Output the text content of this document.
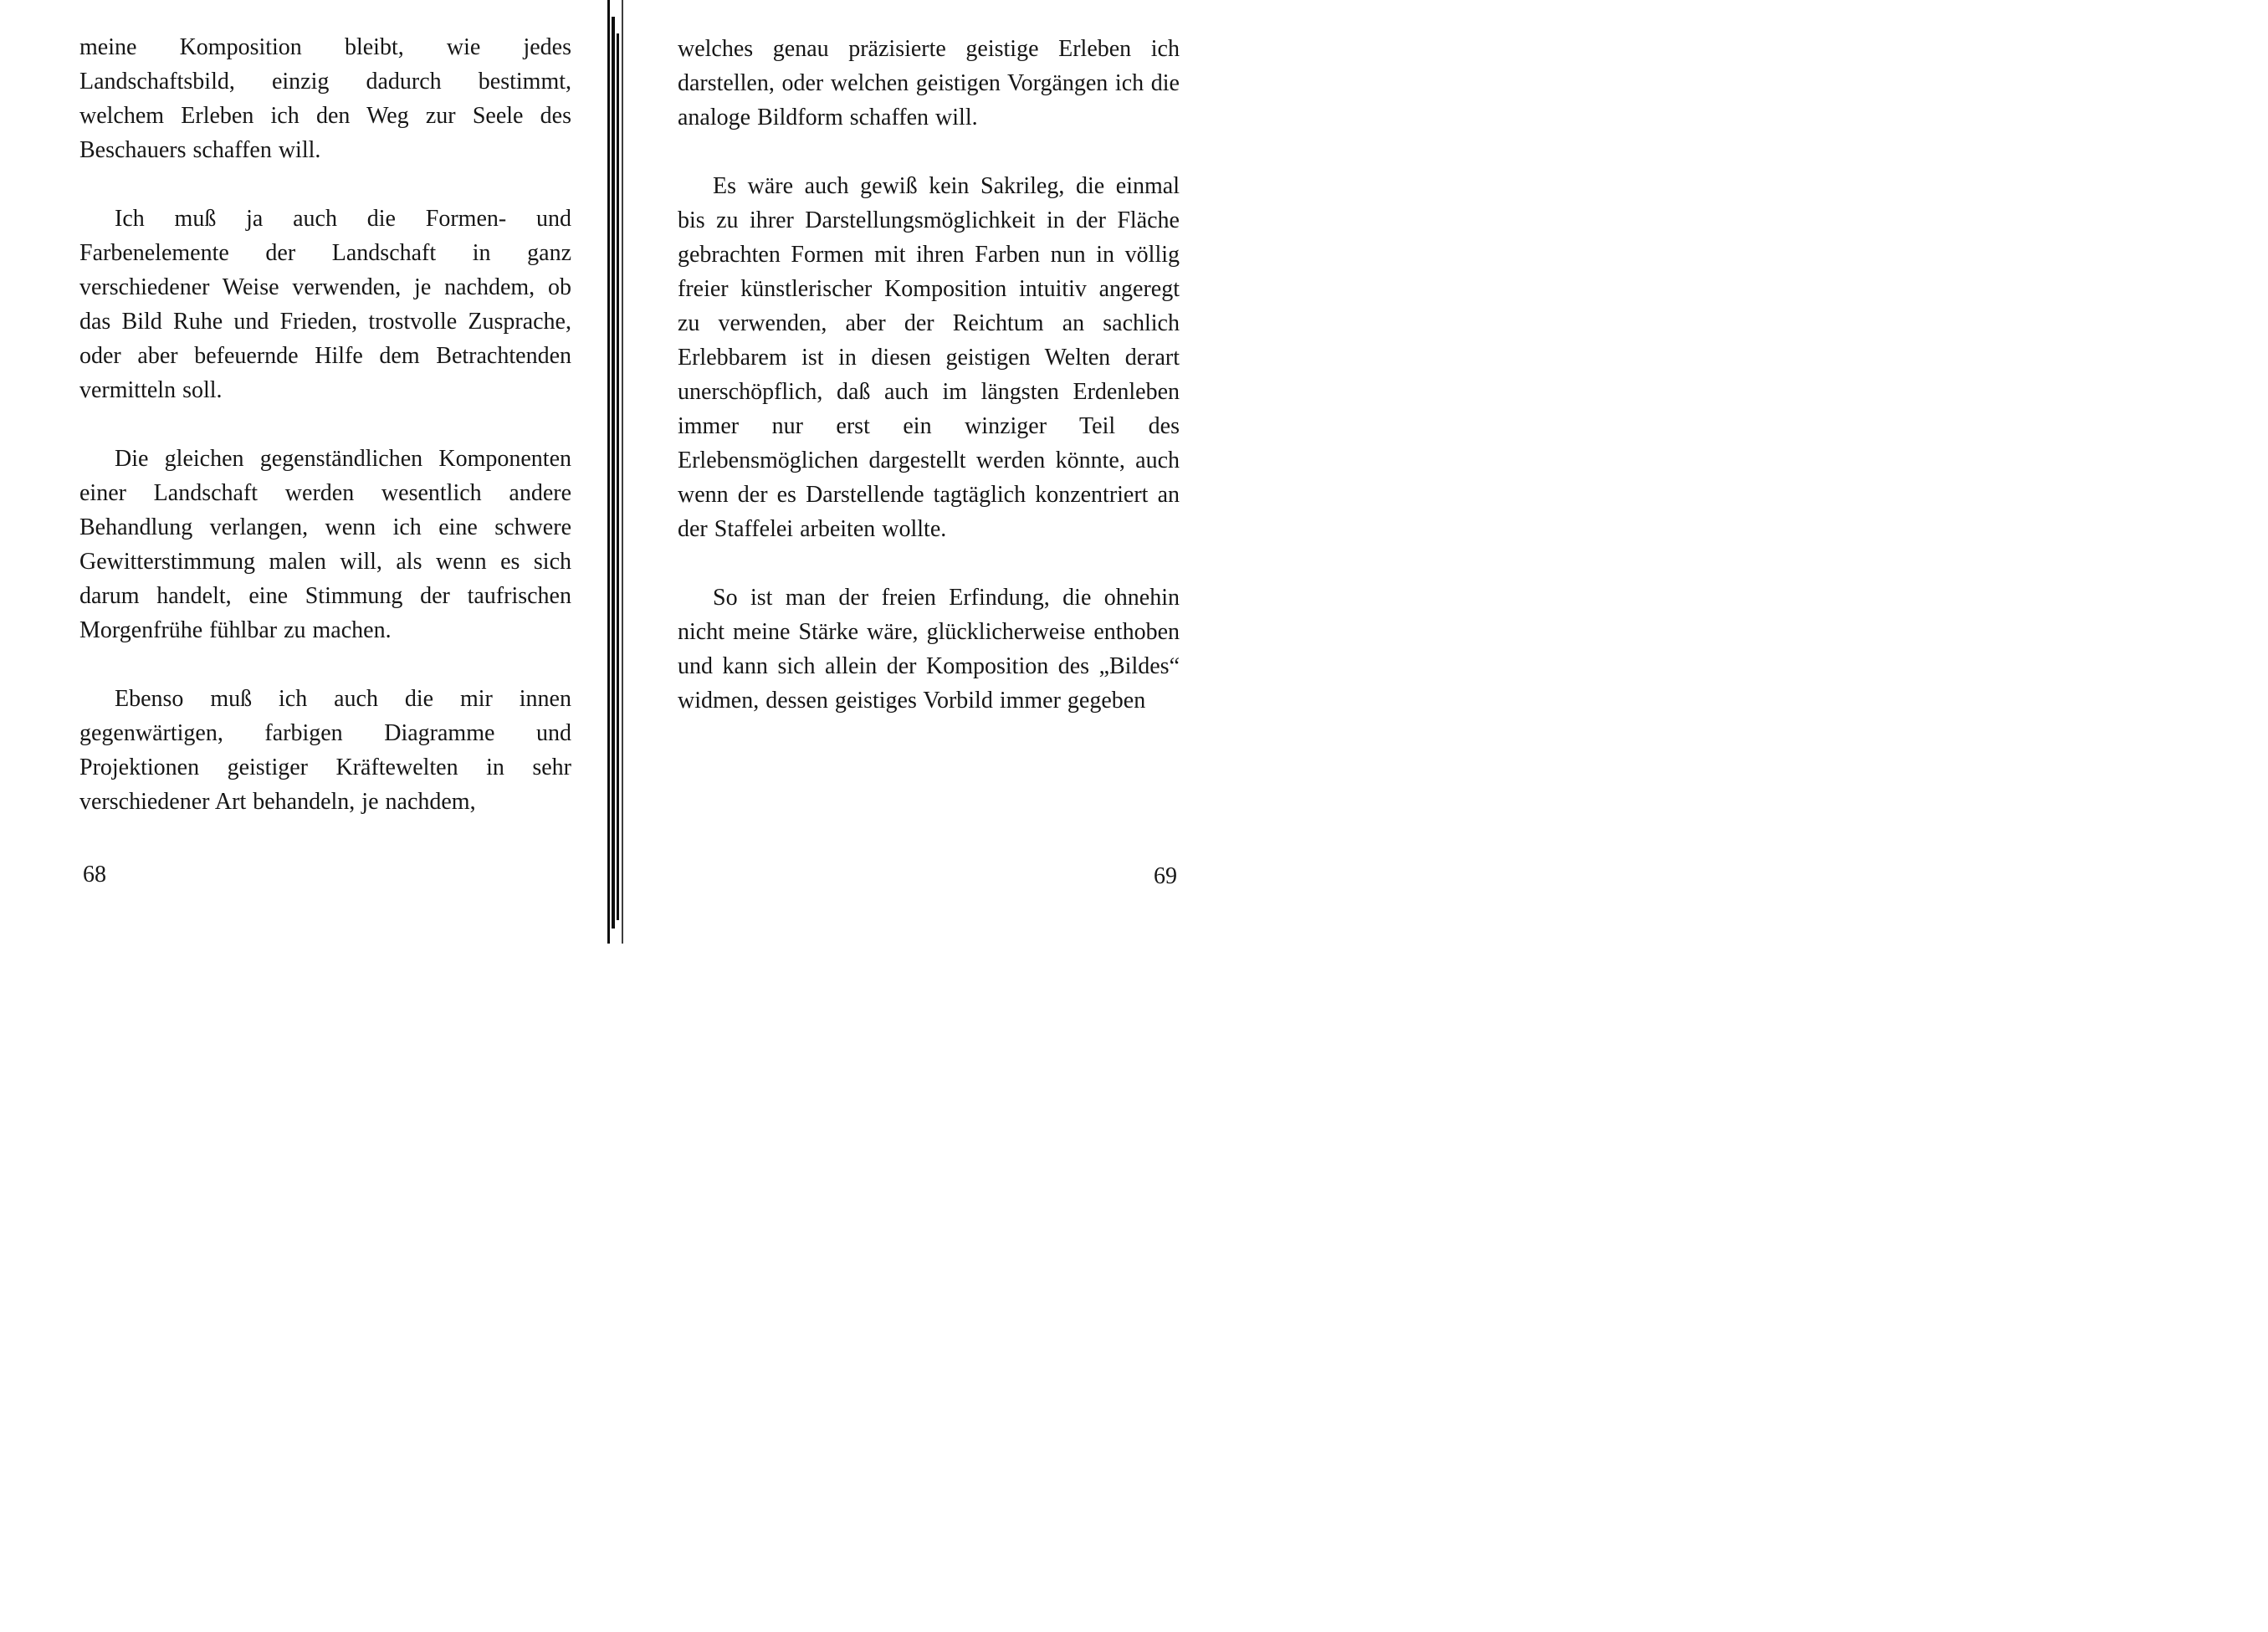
meine Komposition bleibt, wie jedes Landschaftsbild, einzig dadurch bestimmt, welchem Erleben ich den Weg zur Seele des Beschauers schaffen will.

Ich muß ja auch die Formen- und Farbenelemente der Landschaft in ganz verschiedener Weise verwenden, je nachdem, ob das Bild Ruhe und Frieden, trostvolle Zusprache, oder aber befeuernde Hilfe dem Betrachtenden vermitteln soll.

Die gleichen gegenständlichen Komponenten einer Landschaft werden wesentlich andere Behandlung verlangen, wenn ich eine schwere Gewitterstimmung malen will, als wenn es sich darum handelt, eine Stimmung der taufrischen Morgenfrühe fühlbar zu machen.

Ebenso muß ich auch die mir innen gegenwärtigen, farbigen Diagramme und Projektionen geistiger Kräftewelten in sehr verschiedener Art behandeln, je nachdem,

68

welches genau präzisierte geistige Erleben ich darstellen, oder welchen geistigen Vorgängen ich die analoge Bildform schaffen will.

Es wäre auch gewiß kein Sakrileg, die einmal bis zu ihrer Darstellungsmöglichkeit in der Fläche gebrachten Formen mit ihren Farben nun in völlig freier künstlerischer Komposition intuitiv angeregt zu verwenden, aber der Reichtum an sachlich Erlebbarem ist in diesen geistigen Welten derart unerschöpflich, daß auch im längsten Erdenleben immer nur erst ein winziger Teil des Erlebensmöglichen dargestellt werden könnte, auch wenn der es Darstellende tagtäglich konzentriert an der Staffelei arbeiten wollte.

So ist man der freien Erfindung, die ohnehin nicht meine Stärke wäre, glücklicherweise enthoben und kann sich allein der Komposition des „Bildes“ widmen, dessen geistiges Vorbild immer gegeben

69
